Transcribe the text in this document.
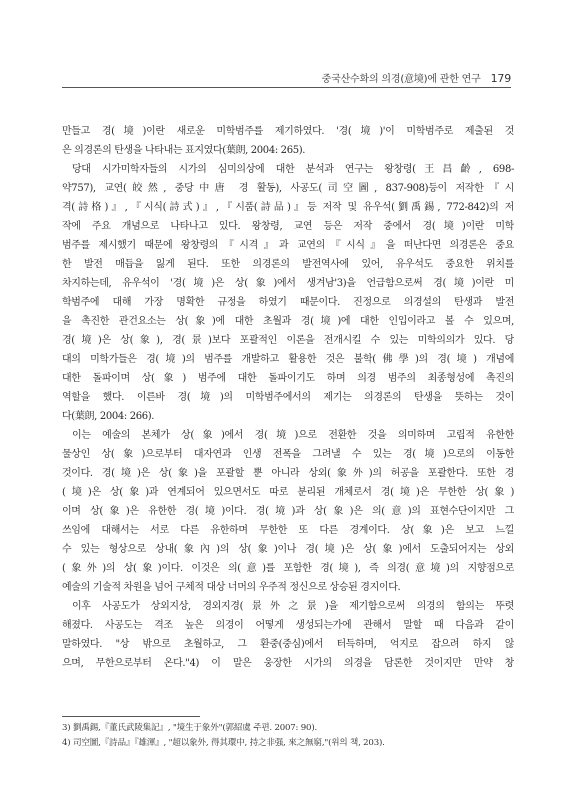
중국산수화의 의경(意境)에 관한 연구 179
만들고 경(境)이란 새로운 미학범주를 제기하였다. '경(境)'이 미학범주로 제출된 것
은 의경론의 탄생을 나타내는 표지였다(葉朗, 2004: 265).
당대 시가미학자들의 시가의 심미의상에 대한 분석과 연구는 왕창령(王昌齡, 698-
약757), 교연(皎然, 중당中唐 경 활동), 사공도(司空圖, 837-908)등이 저작한『시
격(詩格)』,『시식(詩式)』,『시품(詩品)』등 저작 및 유우석(劉禹錫, 772-842)의 저
작에 주요 개념으로 나타나고 있다. 왕창령, 교연 등은 저작 중에서 경(境)이란 미학
범주를 제시했기 때문에 왕창령의『시격』과 교연의『시식』을 떠난다면 의경론은 중요
한 발전 매듭을 잃게 된다. 또한 의경론의 발전역사에 있어, 유우석도 중요한 위치를
차지하는데, 유우석이 '경(境)은 상(象)에서 생겨남'3)을 언급함으로써 경(境)이란 미
학범주에 대해 가장 명확한 규정을 하였기 때문이다. 진정으로 의경설의 탄생과 발전
을 촉진한 관건요소는 상(象)에 대한 초월과 경(境)에 대한 인입이라고 볼 수 있으며,
경(境)은 상(象), 경(景)보다 포괄적인 이론을 전개시킬 수 있는 미학의의가 있다. 당
대의 미학가들은 경(境)의 범주를 개발하고 활용한 것은 불학(佛學)의 경(境) 개념에
대한 돌파이며 상(象) 범주에 대한 돌파이기도 하며 의경 범주의 최종형성에 촉진의
역할을 했다. 이른바 경(境)의 미학범주에서의 제기는 의경론의 탄생을 뜻하는 것이
다(葉朗, 2004: 266).
이는 예술의 본체가 상(象)에서 경(境)으로 전환한 것을 의미하며 고립적 유한한
물상인 상(象)으로부터 대자연과 인생 전폭을 그려낼 수 있는 경(境)으로의 이동한
것이다. 경(境)은 상(象)을 포괄할 뿐 아니라 상외(象外)의 허공을 포괄한다. 또한 경
(境)은 상(象)과 연계되어 있으면서도 따로 분리된 개체로서 경(境)은 무한한 상(象)
이며 상(象)은 유한한 경(境)이다. 경(境)과 상(象)은 의(意)의 표현수단이지만 그
쓰임에 대해서는 서로 다른 유한하며 무한한 또 다른 경계이다. 상(象)은 보고 느낄
수 있는 형상으로 상내(象內)의 상(象)이나 경(境)은 상(象)에서 도출되어지는 상외
(象外)의 상(象)이다. 이것은 의(意)를 포함한 경(境), 즉 의경(意境)의 지향점으로
예술의 기술적 차원을 넘어 구체적 대상 너머의 우주적 정신으로 상승된 경지이다.
이후 사공도가 상외지상, 경외지경(景外之景)을 제기함으로써 의경의 함의는 뚜렷
해졌다. 사공도는 격조 높은 의경이 어떻게 생성되는가에 관해서 말할 때 다음과 같이
말하였다. "상 밖으로 초월하고, 그 환중(중심)에서 터득하며, 억지로 잡으려 하지 않
으며, 무한으로부터 온다."4) 이 말은 웅장한 시가의 의경을 담론한 것이지만 만약 창
3) 劉禹錫,『董氏武陵集記』, "境生于象外"(郭紹虞 주편. 2007: 90).
4) 司空圖,『詩品』『雄渾』, "超以象外, 得其環中, 持之非强, 來之無窮,"(위의 책, 203).
